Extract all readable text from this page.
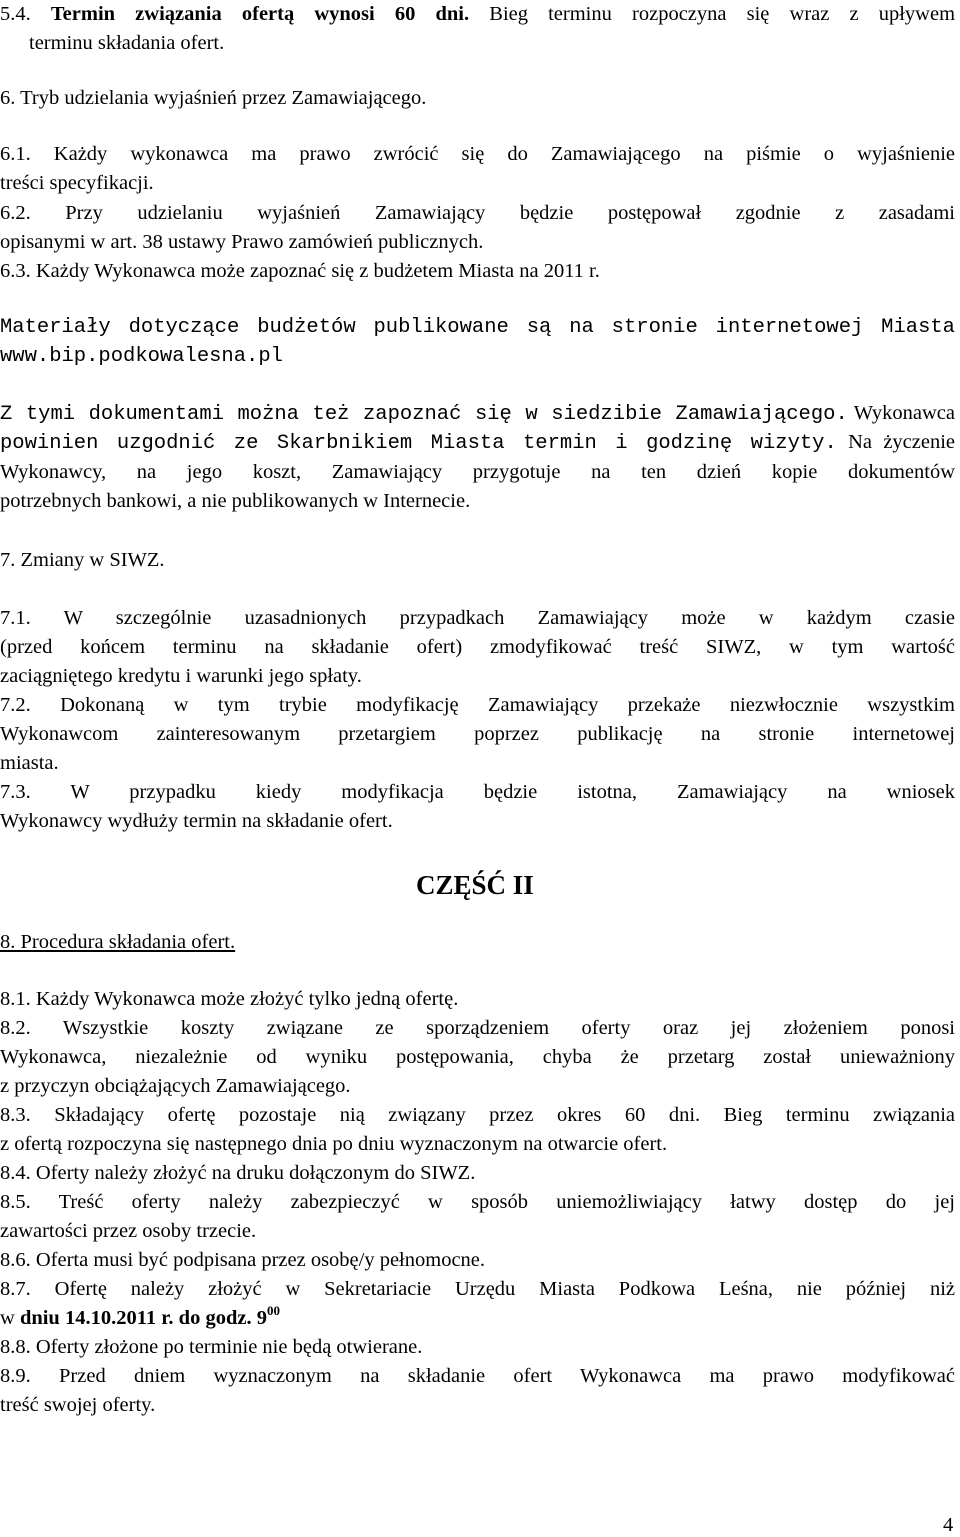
5.4. Termin związania ofertą wynosi 60 dni. Bieg terminu rozpoczyna się wraz z upływem
terminu składania ofert.
6. Tryb udzielania wyjaśnień przez Zamawiającego.
6.1. Każdy wykonawca ma prawo zwrócić się do Zamawiającego na piśmie o wyjaśnienie
treści specyfikacji.
6.2. Przy udzielaniu wyjaśnień Zamawiający będzie postępował zgodnie z zasadami
opisanymi w art. 38 ustawy Prawo zamówień publicznych.
6.3. Każdy Wykonawca może zapoznać się z budżetem Miasta na 2011 r.
Materiały dotyczące budżetów publikowane są na stronie internetowej Miasta
www.bip.podkowalesna.pl
Z tymi dokumentami można też zapoznać się w siedzibie Zamawiającego. Wykonawca
powinien uzgodnić ze Skarbnikiem Miasta termin i godzinę wizyty. Na życzenie
Wykonawcy, na jego koszt, Zamawiający przygotuje na ten dzień kopie dokumentów
potrzebnych bankowi, a nie publikowanych w Internecie.
7. Zmiany w SIWZ.
7.1. W szczególnie uzasadnionych przypadkach Zamawiający może w każdym czasie
(przed końcem terminu na składanie ofert) zmodyfikować treść SIWZ, w tym wartość
zaciągniętego kredytu i warunki jego spłaty.
7.2. Dokonaną w tym trybie modyfikację Zamawiający przekaże niezwłocznie wszystkim
Wykonawcom zainteresowanym przetargiem poprzez publikację na stronie internetowej
miasta.
7.3. W przypadku kiedy modyfikacja będzie istotna, Zamawiający na wniosek
Wykonawcy wydłuży termin na składanie ofert.
CZĘŚĆ II
8. Procedura składania ofert.
8.1. Każdy Wykonawca może złożyć tylko jedną ofertę.
8.2. Wszystkie koszty związane ze sporządzeniem oferty oraz jej złożeniem ponosi
Wykonawca, niezależnie od wyniku postępowania, chyba że przetarg został unieważniony
z przyczyn obciążających Zamawiającego.
8.3. Składający ofertę pozostaje nią związany przez okres 60 dni. Bieg terminu związania
z ofertą rozpoczyna się następnego dnia po dniu wyznaczonym na otwarcie ofert.
8.4. Oferty należy złożyć na druku dołączonym do SIWZ.
8.5. Treść oferty należy zabezpieczyć w sposób uniemożliwiający łatwy dostęp do jej
zawartości przez osoby trzecie.
8.6. Oferta musi być podpisana przez osobę/y pełnomocne.
8.7. Ofertę należy złożyć w Sekretariacie Urzędu Miasta Podkowa Leśna, nie później niż
w dniu 14.10.2011 r. do godz. $9^{00}$
8.8. Oferty złożone po terminie nie będą otwierane.
8.9. Przed dniem wyznaczonym na składanie ofert Wykonawca ma prawo modyfikować
treść swojej oferty.
4
